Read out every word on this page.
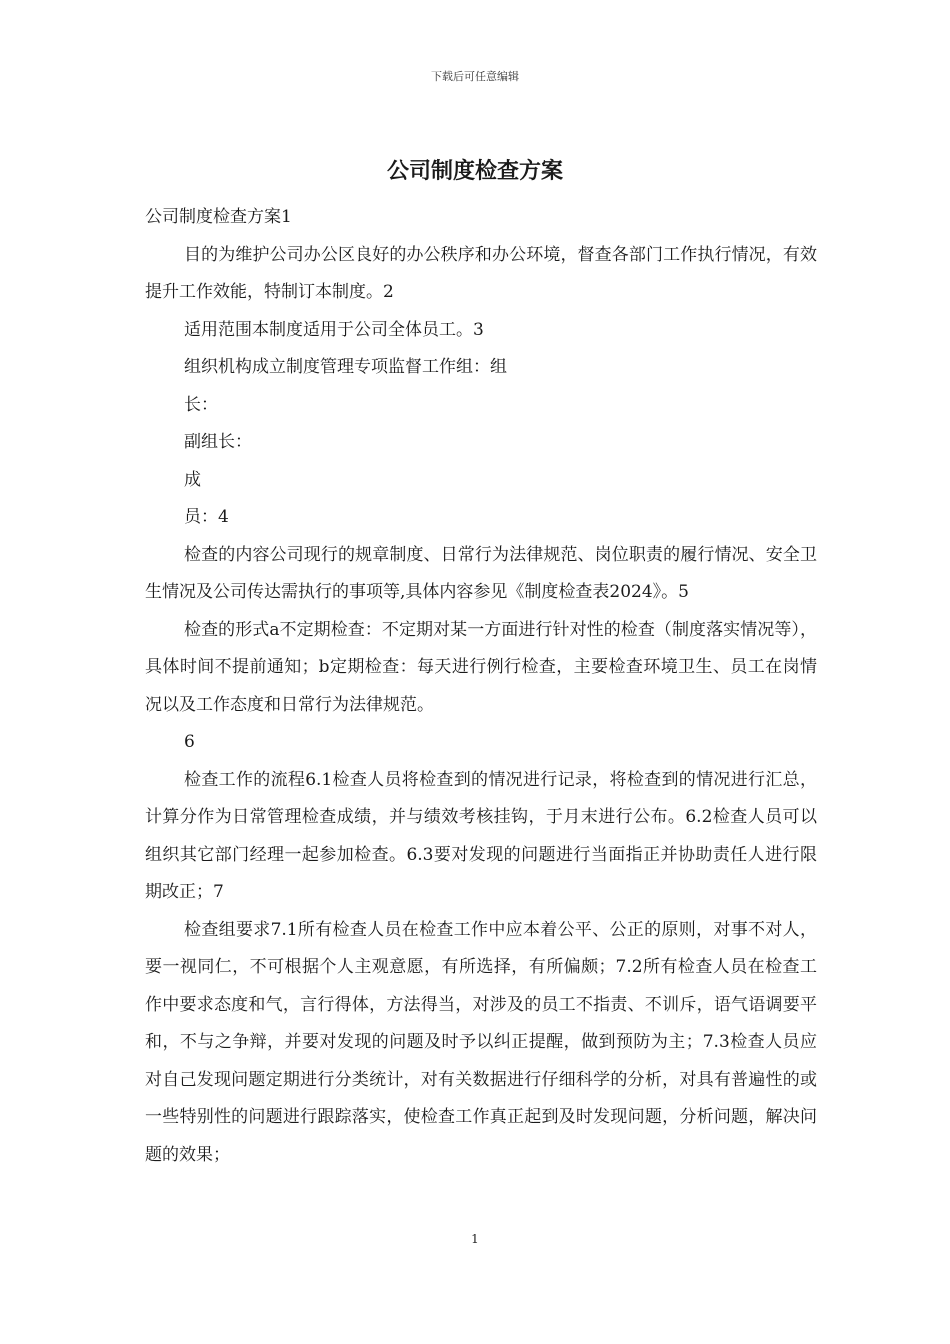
下载后可任意编辑
公司制度检查方案

公司制度检查方案1

目的为维护公司办公区良好的办公秩序和办公环境，督查各部门工作执行情况，有效提升工作效能，特制订本制度。2

适用范围本制度适用于公司全体员工。3

组织机构成立制度管理专项监督工作组：组

长：

副组长：

成

员：4

检查的内容公司现行的规章制度、日常行为法律规范、岗位职责的履行情况、安全卫生情况及公司传达需执行的事项等,具体内容参见《制度检查表2024》。5

检查的形式a不定期检查：不定期对某一方面进行针对性的检查（制度落实情况等），具体时间不提前通知；b定期检查：每天进行例行检查，主要检查环境卫生、员工在岗情况以及工作态度和日常行为法律规范。

6

检查工作的流程6.1检查人员将检查到的情况进行记录，将检查到的情况进行汇总，计算分作为日常管理检查成绩，并与绩效考核挂钩，于月末进行公布。6.2检查人员可以组织其它部门经理一起参加检查。6.3要对发现的问题进行当面指正并协助责任人进行限期改正；7

检查组要求7.1所有检查人员在检查工作中应本着公平、公正的原则，对事不对人，要一视同仁，不可根据个人主观意愿，有所选择，有所偏颇；7.2所有检查人员在检查工作中要求态度和气，言行得体，方法得当，对涉及的员工不指责、不训斥，语气语调要平和，不与之争辩，并要对发现的问题及时予以纠正提醒，做到预防为主；7.3检查人员应对自己发现问题定期进行分类统计，对有关数据进行仔细科学的分析，对具有普遍性的或一些特别性的问题进行跟踪落实，使检查工作真正起到及时发现问题，分析问题，解决问题的效果；

1
